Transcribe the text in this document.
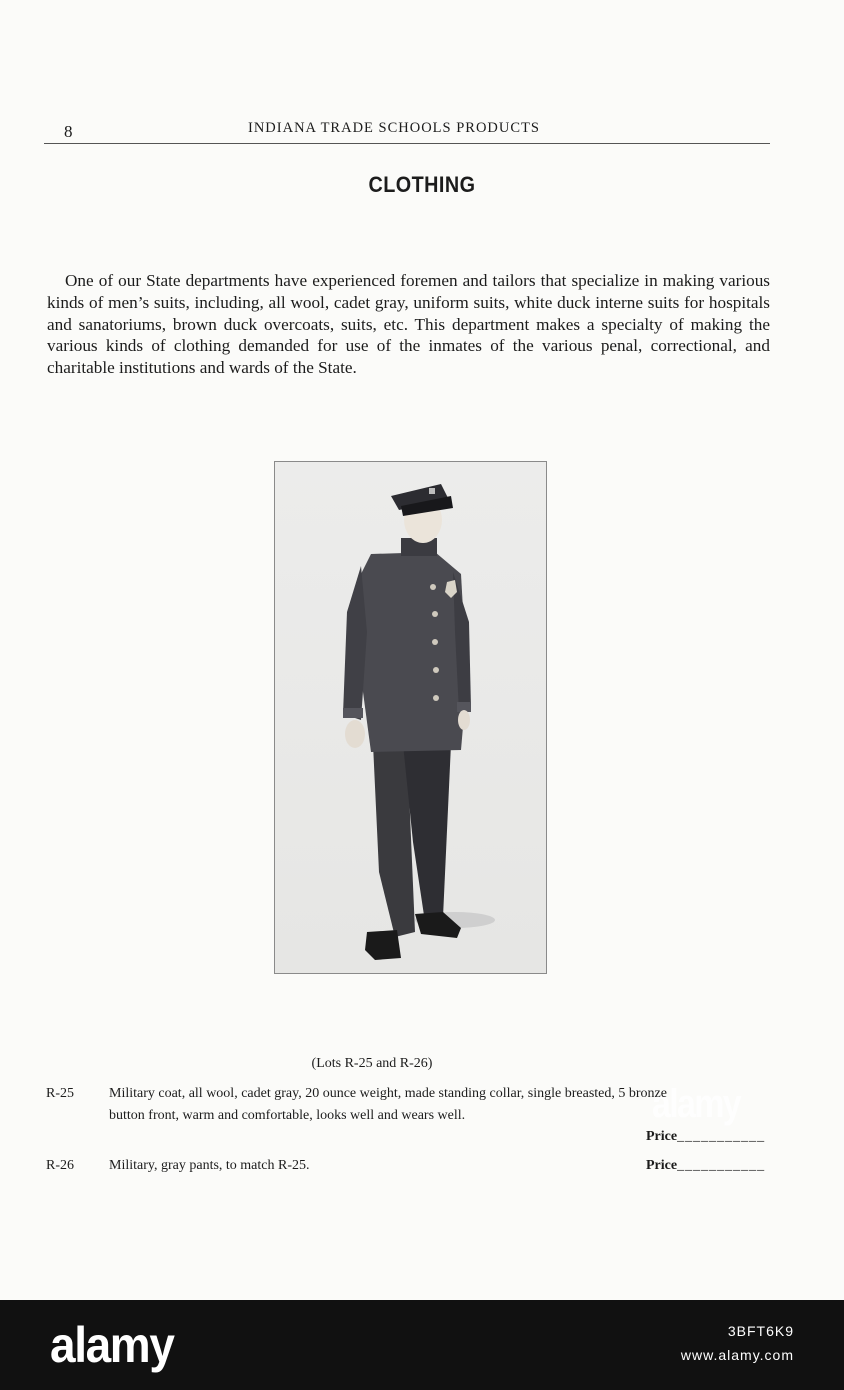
8	INDIANA TRADE SCHOOLS PRODUCTS
CLOTHING

One of our State departments have experienced foremen and tailors that specialize in making various kinds of men’s suits, including, all wool, cadet gray, uniform suits, white duck interne suits for hospitals and sanatoriums, brown duck overcoats, suits, etc. This department makes a specialty of making the various kinds of clothing demanded for use of the inmates of the various penal, correctional, and charitable institutions and wards of the State.

alamy
(Lots R-25 and R-26)
R-25	Military coat, all wool, cadet gray, 20 ounce weight, made standing collar, single breasted, 5 bronze button front, warm and comfortable, looks well and wears well.
Price___________
R-26	Military, gray pants, to match R-25.	Price___________
alamy	3BFT6K9
www.alamy.com
